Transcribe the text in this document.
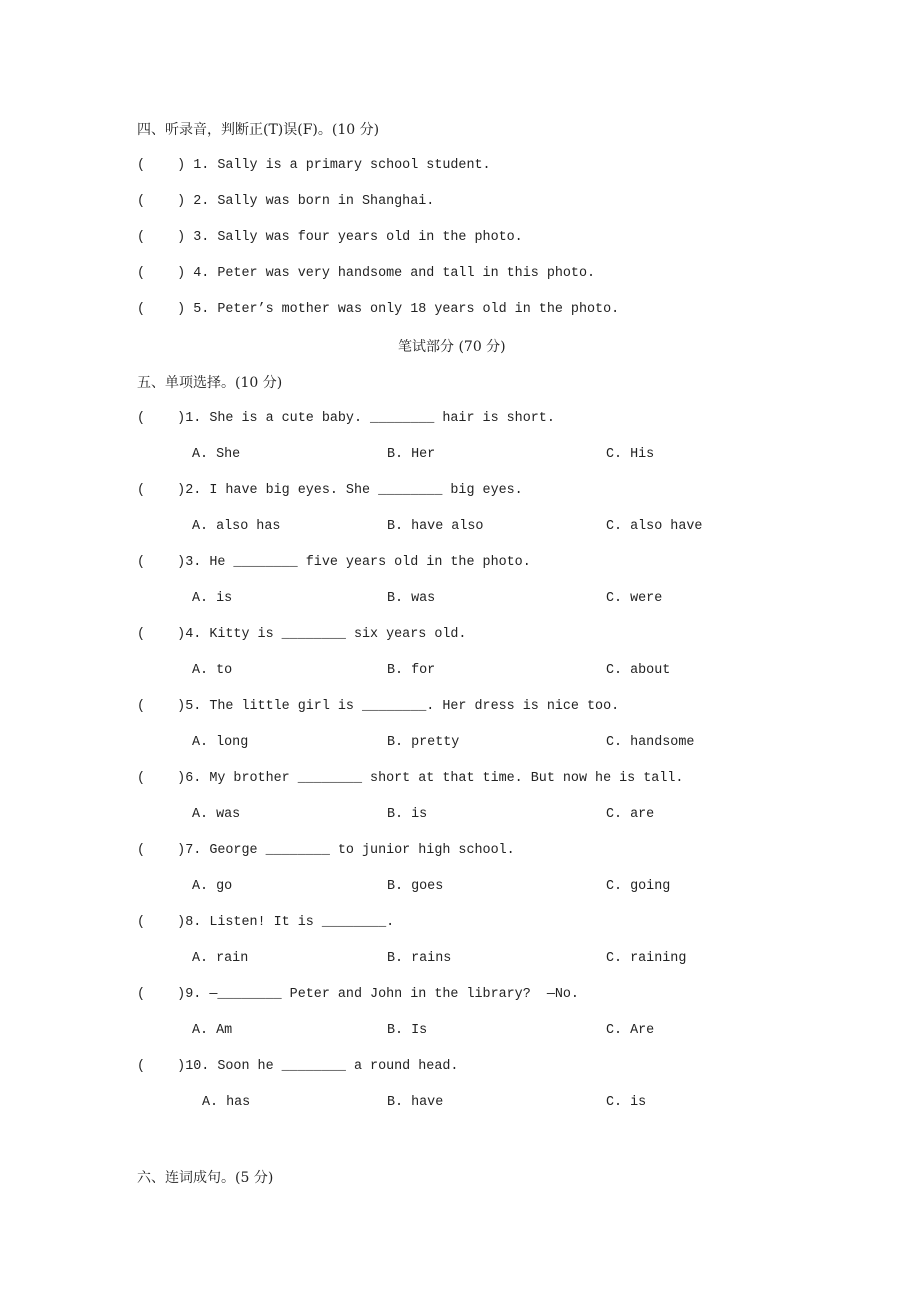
四、听录音，判断正(T)误(F)。(10 分)
(    ) 1. Sally is a primary school student.
(    ) 2. Sally was born in Shanghai.
(    ) 3. Sally was four years old in the photo.
(    ) 4. Peter was very handsome and tall in this photo.
(    ) 5. Peter’s mother was only 18 years old in the photo.
笔试部分 (70 分)
五、单项选择。(10 分)
(    )1. She is a cute baby. ________ hair is short.
A. She	B. Her	C. His
(    )2. I have big eyes. She ________ big eyes.
A. also has	B. have also	C. also have
(    )3. He ________ five years old in the photo.
A. is	B. was	C. were
(    )4. Kitty is ________ six years old.
A. to	B. for	C. about
(    )5. The little girl is ________. Her dress is nice too.
A. long	B. pretty	C. handsome
(    )6. My brother ________ short at that time. But now he is tall.
A. was	B. is	C. are
(    )7. George ________ to junior high school.
A. go	B. goes	C. going
(    )8. Listen! It is ________.
A. rain	B. rains	C. raining
(    )9. —________ Peter and John in the library?  —No.
A. Am	B. Is	C. Are
(    )10. Soon he ________ a round head.
A. has	B. have	C. is
六、连词成句。(5 分)
